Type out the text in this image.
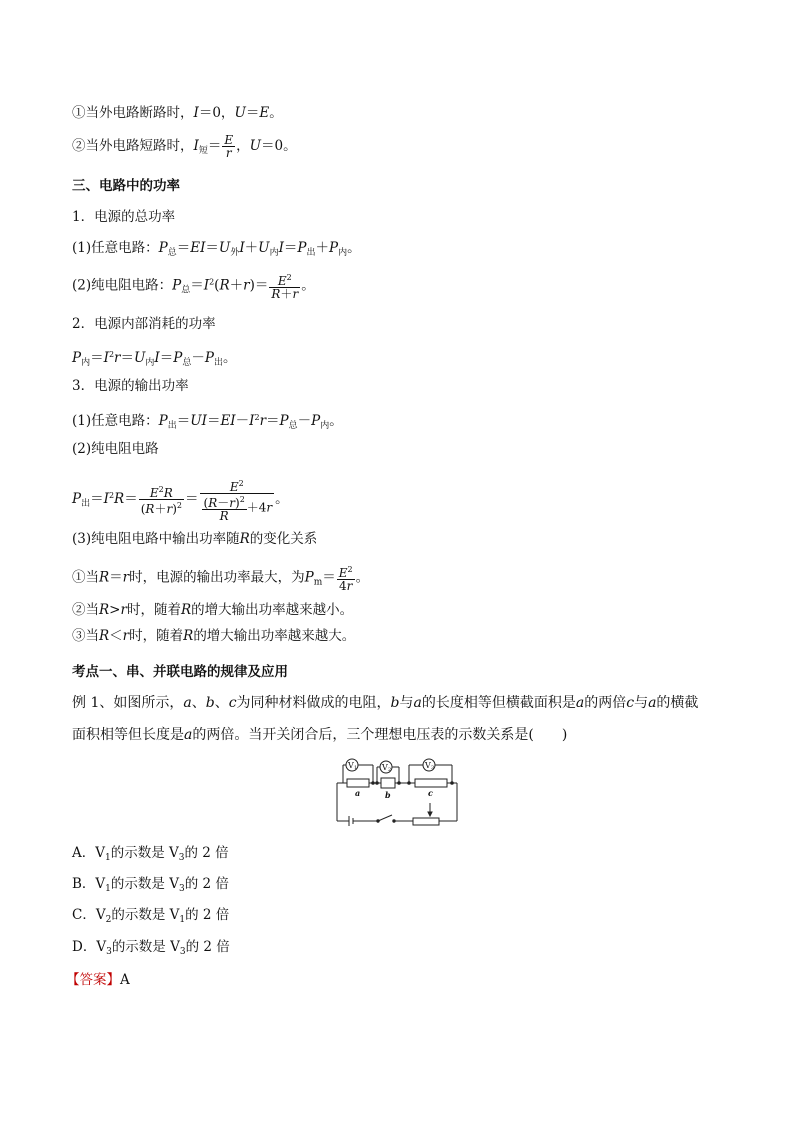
①当外电路断路时，I＝0，U＝E。
②当外电路短路时，$I_短= \frac{E}{r}$ ，U＝0。
三、电路中的功率
1．电源的总功率
(1)任意电路：$P_总=EI=U_外I+U_内I=P_出+P_内$。
(2)纯电阻电路：$P_总=I^2(R+r)= \frac{E^2}{R+r}$ 。
2．电源内部消耗的功率
$P_内=I^2r=U_内I=P_总-P_出$。
3．电源的输出功率
(1)任意电路：$P_出=UI=EI-I^2r=P_总-P_内$。
(2)纯电阻电路
$P_出=I^2R= \frac{E^2R}{(R+r)^2} = \frac{E^2}{\frac{(R-r)^2}{R} +4r}$ 。
(3)纯电阻电路中输出功率随R的变化关系
①当R＝r时，电源的输出功率最大，为$P_m= \frac{E^2}{4r}$ 。
②当R>r时，随着R的增大输出功率越来越小。
③当R＜r时，随着R的增大输出功率越来越大。
考点一、串、并联电路的规律及应用
例 1、如图所示，a、b、c为同种材料做成的电阻，b与a的长度相等但横截面积是a的两倍c与a的横截
面积相等但长度是a的两倍。当开关闭合后，三个理想电压表的示数关系是(　　)
V 1	V 2	V 3
a	b	c
A．$V_1$的示数是 $V_3$的 2 倍
B．$V_1$的示数是 $V_3$的 2 倍
C．$V_2$的示数是 $V_1$的 2 倍
D．$V_3$的示数是 $V_3$的 2 倍
【答案】A
